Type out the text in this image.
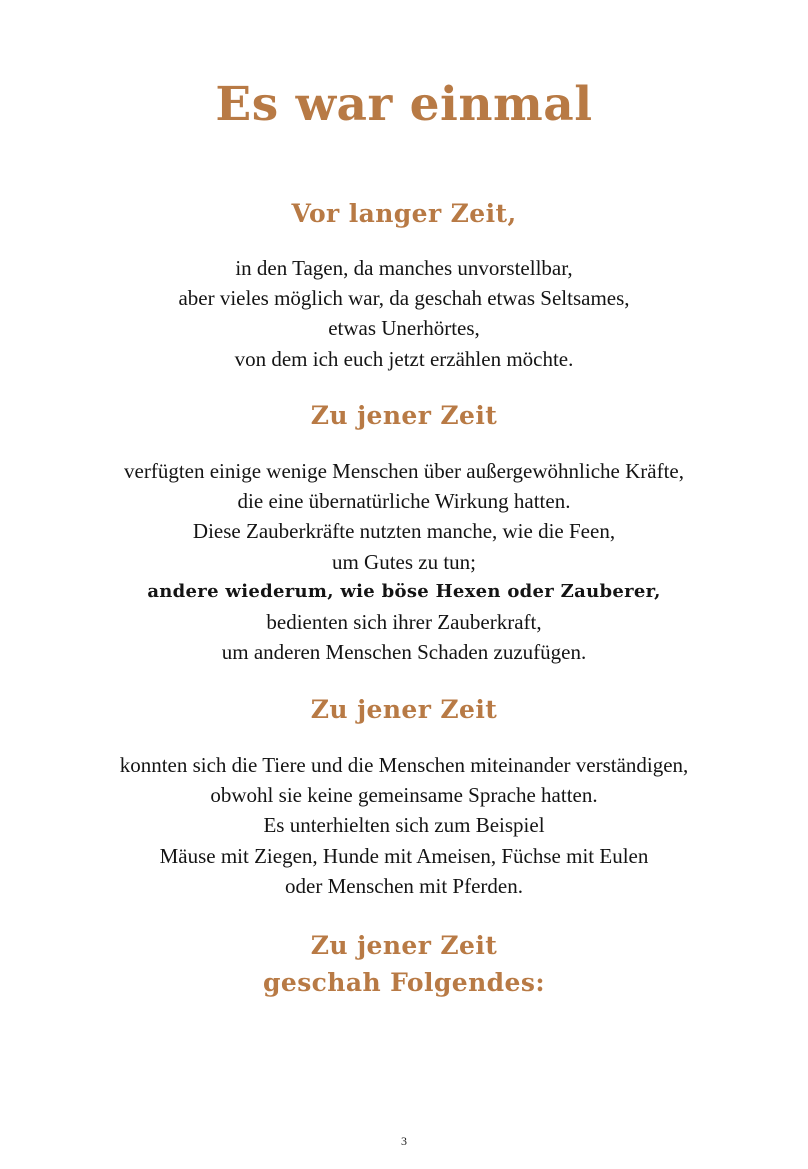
Es war einmal
Vor langer Zeit,
in den Tagen, da manches unvorstellbar,
aber vieles möglich war, da geschah etwas Seltsames,
etwas Unerhörtes,
von dem ich euch jetzt erzählen möchte.
Zu jener Zeit
verfügten einige wenige Menschen über außergewöhnliche Kräfte,
die eine übernatürliche Wirkung hatten.
Diese Zauberkräfte nutzten manche, wie die Feen,
um Gutes zu tun;
andere wiederum, wie böse Hexen oder Zauberer,
bedienten sich ihrer Zauberkraft,
um anderen Menschen Schaden zuzufügen.
Zu jener Zeit
konnten sich die Tiere und die Menschen miteinander verständigen,
obwohl sie keine gemeinsame Sprache hatten.
Es unterhielten sich zum Beispiel
Mäuse mit Ziegen, Hunde mit Ameisen, Füchse mit Eulen
oder Menschen mit Pferden.
Zu jener Zeit
geschah Folgendes:
3
